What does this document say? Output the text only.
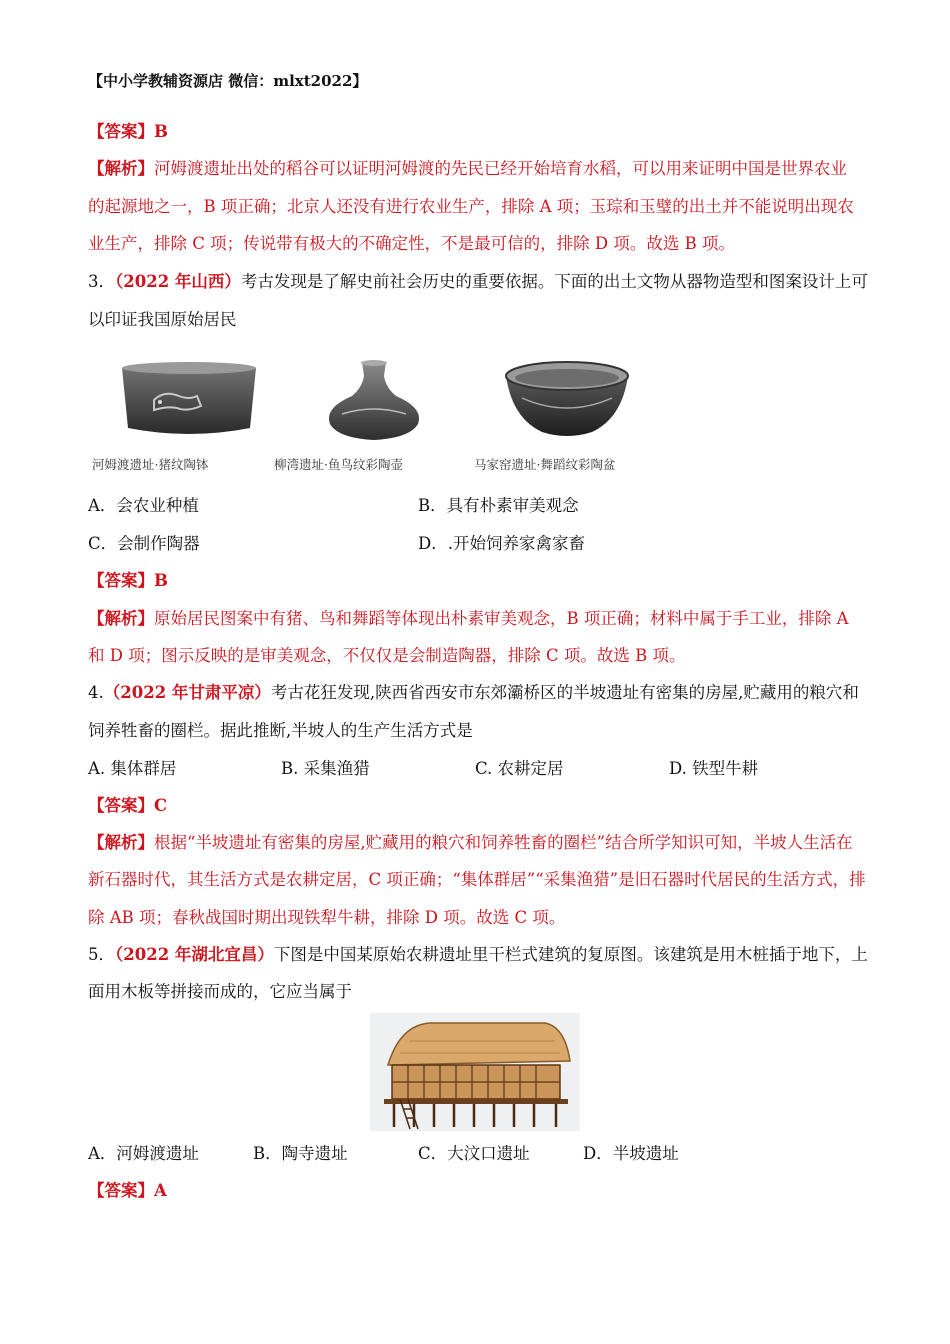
【中小学教辅资源店 微信：mlxt2022】
【答案】B
【解析】河姆渡遗址出处的稻谷可以证明河姆渡的先民已经开始培育水稻，可以用来证明中国是世界农业
的起源地之一，B 项正确；北京人还没有进行农业生产，排除 A 项；玉琮和玉璧的出土并不能说明出现农
业生产，排除 C 项；传说带有极大的不确定性，不是最可信的，排除 D 项。故选 B 项。
3．（2022 年山西）考古发现是了解史前社会历史的重要依据。下面的出土文物从器物造型和图案设计上可
以印证我国原始居民
河姆渡遗址·猪纹陶钵	柳湾遗址·鱼鸟纹彩陶壶	马家窑遗址·舞蹈纹彩陶盆
A．会农业种植	B．具有朴素审美观念
C．会制作陶器	D．.开始饲养家禽家畜
【答案】B
【解析】原始居民图案中有猪、鸟和舞蹈等体现出朴素审美观念，B 项正确；材料中属于手工业，排除 A
和 D 项；图示反映的是审美观念，不仅仅是会制造陶器，排除 C 项。故选 B 项。
4.（2022 年甘肃平凉）考古花狂发现,陕西省西安市东郊灞桥区的半坡遗址有密集的房屋,贮藏用的粮穴和
饲养牲畜的圈栏。据此推断,半坡人的生产生活方式是
A. 集体群居	B. 采集渔猎	C. 农耕定居	D. 铁型牛耕
【答案】C
【解析】根据“半坡遗址有密集的房屋,贮藏用的粮穴和饲养牲畜的圈栏”结合所学知识可知，半坡人生活在
新石器时代，其生活方式是农耕定居，C 项正确；“集体群居”“采集渔猎”是旧石器时代居民的生活方式，排
除 AB 项；春秋战国时期出现铁犁牛耕，排除 D 项。故选 C 项。
5．（2022 年湖北宜昌）下图是中国某原始农耕遗址里干栏式建筑的复原图。该建筑是用木桩插于地下，上
面用木板等拼接而成的，它应当属于
A．河姆渡遗址	B．陶寺遗址	C．大汶口遗址	D．半坡遗址
【答案】A
